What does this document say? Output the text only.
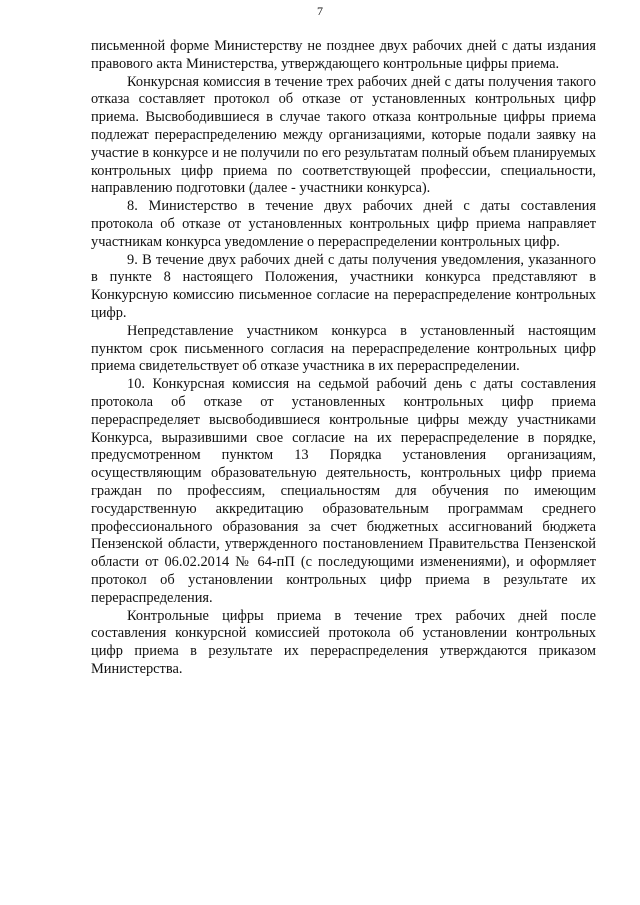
7

письменной форме Министерству не позднее двух рабочих дней с даты издания правового акта Министерства, утверждающего контрольные цифры приема.

Конкурсная комиссия в течение трех рабочих дней с даты получения такого отказа составляет протокол об отказе от установленных контрольных цифр приема. Высвободившиеся в случае такого отказа контрольные цифры приема подлежат перераспределению между организациями, которые подали заявку на участие в конкурсе и не получили по его результатам полный объем планируемых контрольных цифр приема по соответствующей профессии, специальности, направлению подготовки (далее - участники конкурса).

8. Министерство в течение двух рабочих дней с даты составления протокола об отказе от установленных контрольных цифр приема направляет участникам конкурса уведомление о перераспределении контрольных цифр.

9. В течение двух рабочих дней с даты получения уведомления, указанного в пункте 8 настоящего Положения, участники конкурса представляют в Конкурсную комиссию письменное согласие на перераспределение контрольных цифр.

Непредставление участником конкурса в установленный настоящим пунктом срок письменного согласия на перераспределение контрольных цифр приема свидетельствует об отказе участника в их перераспределении.

10. Конкурсная комиссия на седьмой рабочий день с даты составления протокола об отказе от установленных контрольных цифр приема перераспределяет высвободившиеся контрольные цифры между участниками Конкурса, выразившими свое согласие на их перераспределение в порядке, предусмотренном пунктом 13 Порядка установления организациям, осуществляющим образовательную деятельность, контрольных цифр приема граждан по профессиям, специальностям для обучения по имеющим государственную аккредитацию образовательным программам среднего профессионального образования за счет бюджетных ассигнований бюджета Пензенской области, утвержденного постановлением Правительства Пензенской области от 06.02.2014 № 64-пП (с последующими изменениями), и оформляет протокол об установлении контрольных цифр приема в результате их перераспределения.

Контрольные цифры приема в течение трех рабочих дней после составления конкурсной комиссией протокола об установлении контрольных цифр приема в результате их перераспределения утверждаются приказом Министерства.
